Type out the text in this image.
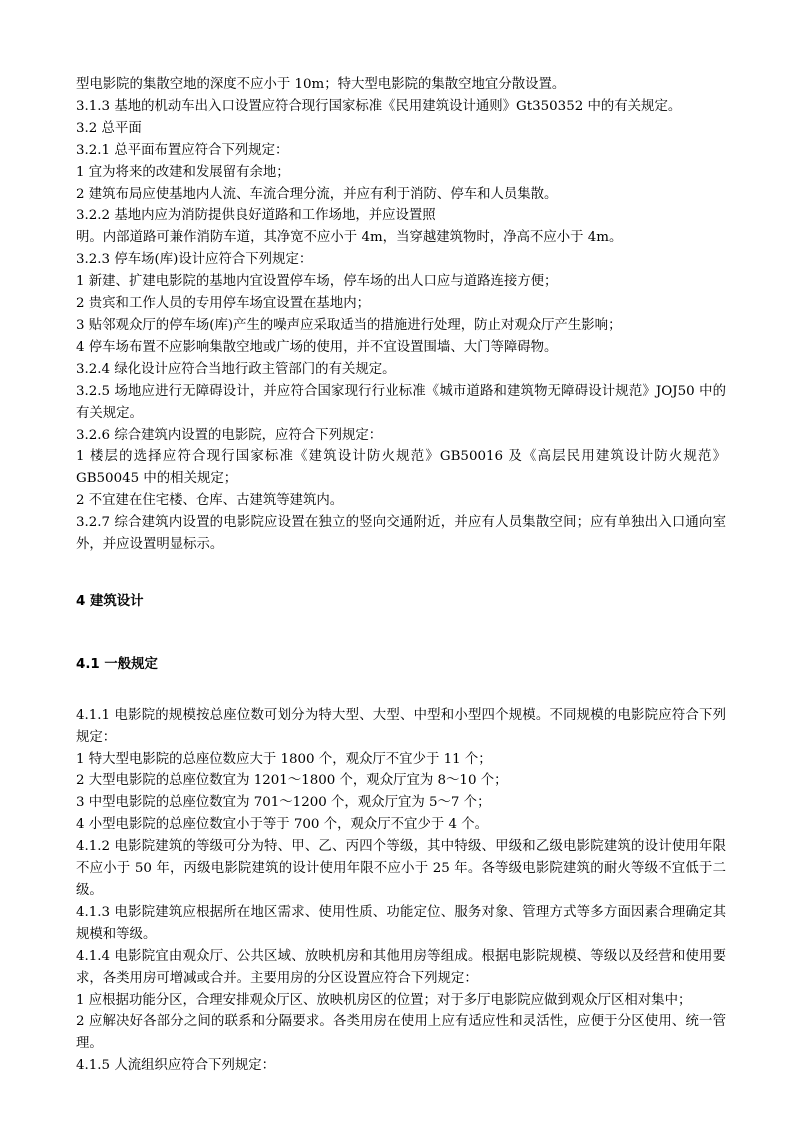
型电影院的集散空地的深度不应小于 10m；特大型电影院的集散空地宜分散设置。
3.1.3 基地的机动车出入口设置应符合现行国家标准《民用建筑设计通则》Gt350352 中的有关规定。
3.2 总平面
3.2.1 总平面布置应符合下列规定：
1 宜为将来的改建和发展留有余地；
2 建筑布局应使基地内人流、车流合理分流，并应有利于消防、停车和人员集散。
3.2.2 基地内应为消防提供良好道路和工作场地，并应设置照
明。内部道路可兼作消防车道，其净宽不应小于 4m，当穿越建筑物时，净高不应小于 4m。
3.2.3 停车场(库)设计应符合下列规定：
1 新建、扩建电影院的基地内宜设置停车场，停车场的出人口应与道路连接方便；
2 贵宾和工作人员的专用停车场宜设置在基地内；
3 贴邻观众厅的停车场(库)产生的噪声应采取适当的措施进行处理，防止对观众厅产生影响；
4 停车场布置不应影响集散空地或广场的使用，并不宜设置围墙、大门等障碍物。
3.2.4 绿化设计应符合当地行政主管部门的有关规定。
3.2.5 场地应进行无障碍设计，并应符合国家现行行业标准《城市道路和建筑物无障碍设计规范》JOJ50 中的有关规定。
3.2.6 综合建筑内设置的电影院，应符合下列规定：
1 楼层的选择应符合现行国家标准《建筑设计防火规范》GB50016 及《高层民用建筑设计防火规范》GB50045 中的相关规定；
2 不宜建在住宅楼、仓库、古建筑等建筑内。
3.2.7 综合建筑内设置的电影院应设置在独立的竖向交通附近，并应有人员集散空间；应有单独出入口通向室外，并应设置明显标示。
4 建筑设计
4.1 一般规定
4.1.1 电影院的规模按总座位数可划分为特大型、大型、中型和小型四个规模。不同规模的电影院应符合下列规定：
1 特大型电影院的总座位数应大于 1800 个，观众厅不宜少于 11 个；
2 大型电影院的总座位数宜为 1201～1800 个，观众厅宜为 8～10 个；
3 中型电影院的总座位数宜为 701～1200 个，观众厅宜为 5～7 个；
4 小型电影院的总座位数宜小于等于 700 个，观众厅不宜少于 4 个。
4.1.2 电影院建筑的等级可分为特、甲、乙、丙四个等级，其中特级、甲级和乙级电影院建筑的设计使用年限不应小于 50 年，丙级电影院建筑的设计使用年限不应小于 25 年。各等级电影院建筑的耐火等级不宜低于二级。
4.1.3 电影院建筑应根据所在地区需求、使用性质、功能定位、服务对象、管理方式等多方面因素合理确定其规模和等级。
4.1.4 电影院宜由观众厅、公共区域、放映机房和其他用房等组成。根据电影院规模、等级以及经营和使用要求，各类用房可增减或合并。主要用房的分区设置应符合下列规定：
1 应根据功能分区，合理安排观众厅区、放映机房区的位置；对于多厅电影院应做到观众厅区相对集中；
2 应解决好各部分之间的联系和分隔要求。各类用房在使用上应有适应性和灵活性，应便于分区使用、统一管理。
4.1.5 人流组织应符合下列规定：
